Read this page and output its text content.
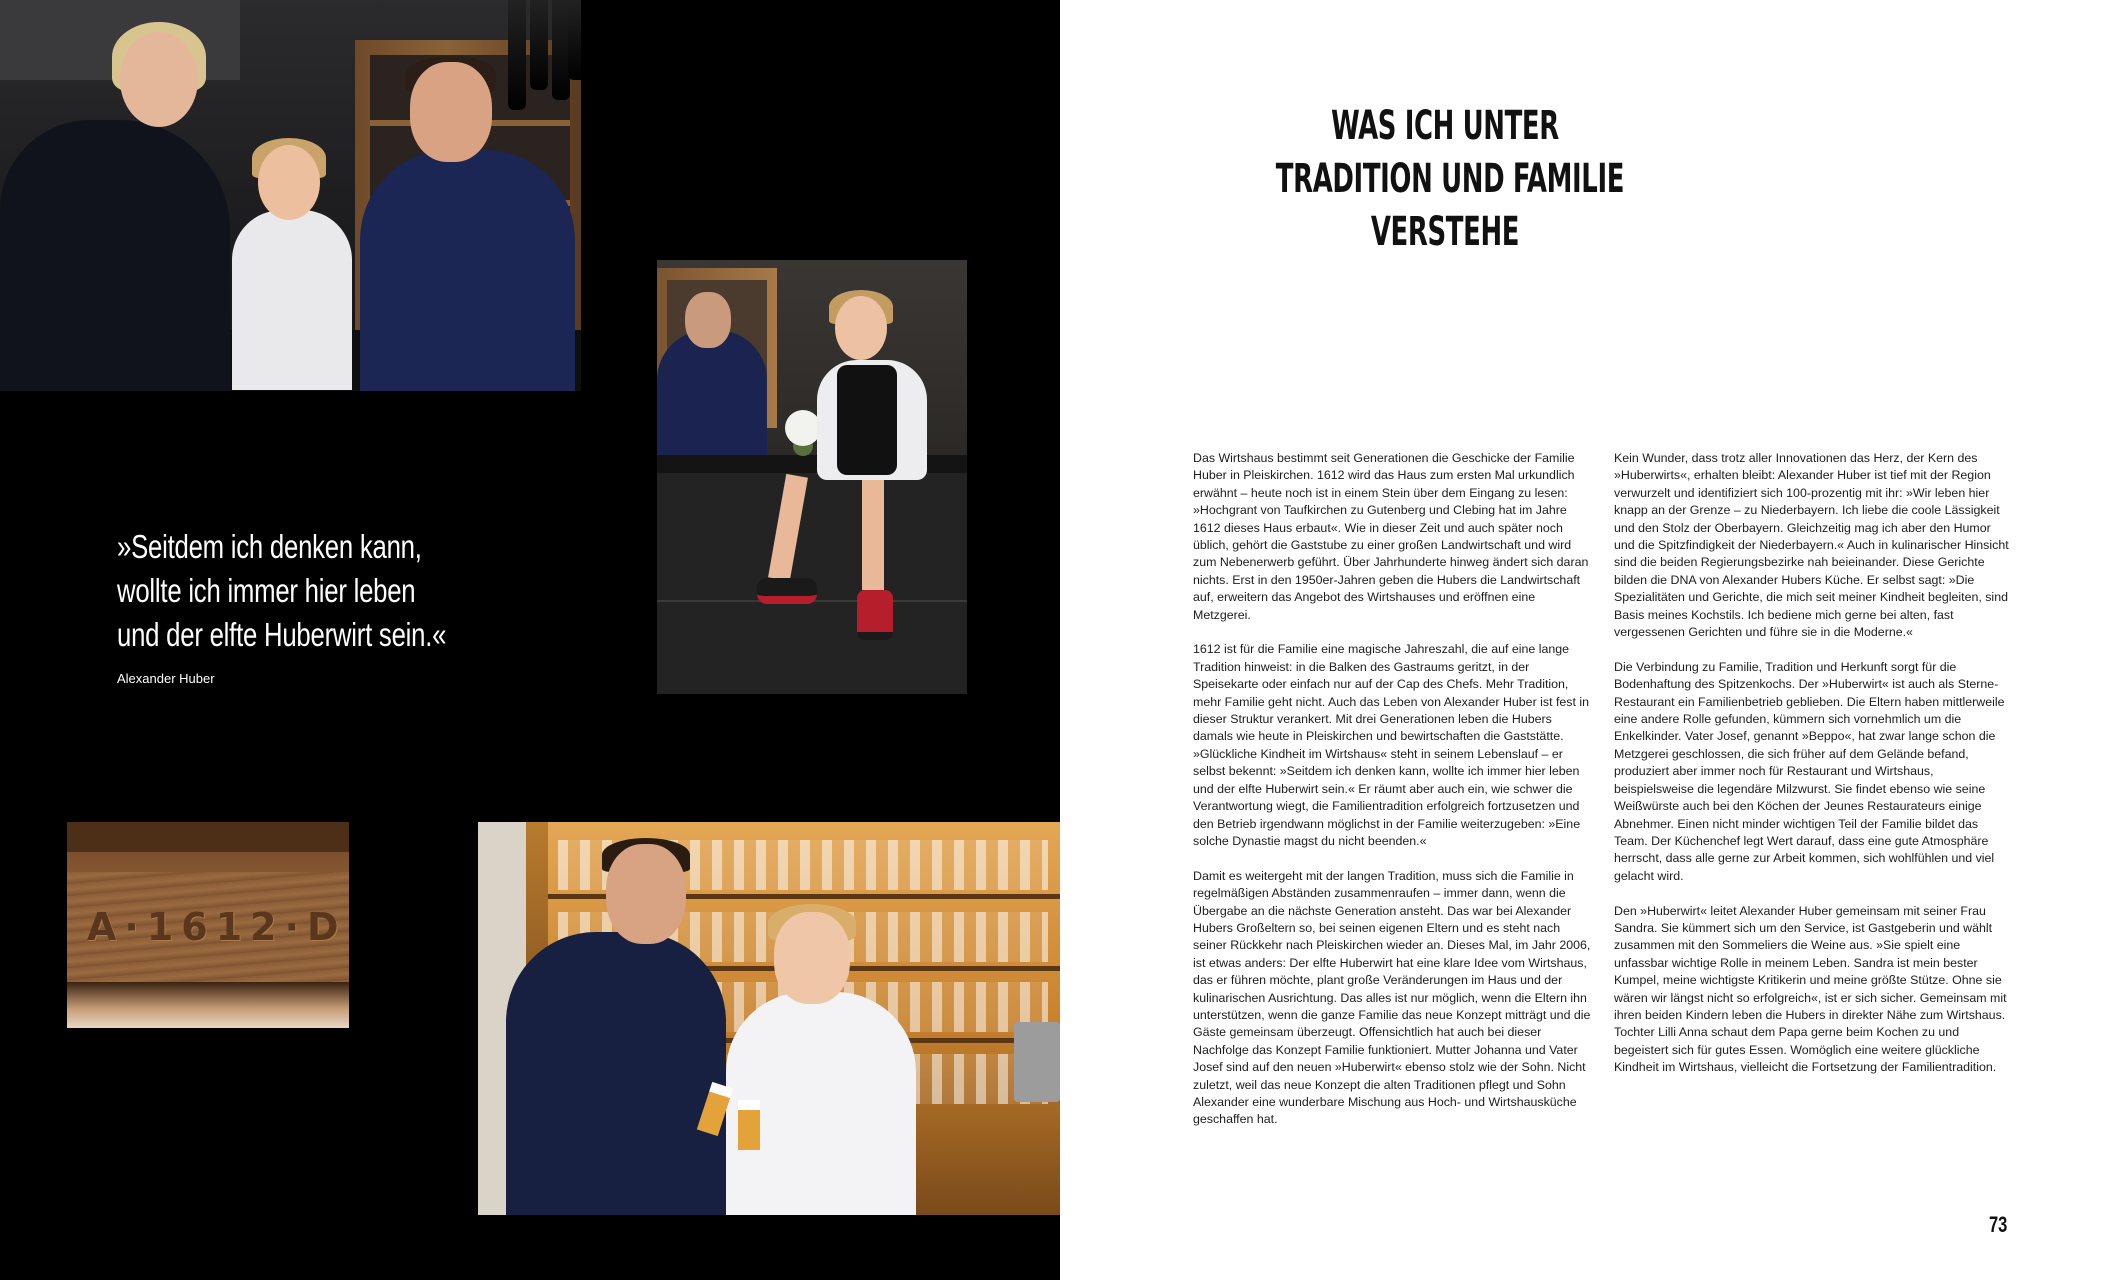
»Seitdem ich denken kann,
wollte ich immer hier leben
und der elfte Huberwirt sein.«
Alexander Huber
A·1612·D
WAS ICH UNTER
TRADITION UND FAMILIE
VERSTEHE

Das Wirtshaus bestimmt seit Generationen die Geschicke der Familie Huber in Pleiskirchen. 1612 wird das Haus zum ersten Mal urkundlich erwähnt – heute noch ist in einem Stein über dem Eingang zu lesen: »Hochgrant von Taufkirchen zu Gutenberg und Clebing hat im Jahre 1612 dieses Haus erbaut«. Wie in dieser Zeit und auch später noch üblich, gehört die Gaststube zu einer großen Landwirtschaft und wird zum Nebenerwerb geführt. Über Jahrhunderte hinweg ändert sich daran nichts. Erst in den 1950er-Jahren geben die Hubers die Landwirtschaft auf, erweitern das Angebot des Wirtshauses und eröffnen eine Metzgerei.

1612 ist für die Familie eine magische Jahreszahl, die auf eine lange Tradition hinweist: in die Balken des Gastraums geritzt, in der Speisekarte oder einfach nur auf der Cap des Chefs. Mehr Tradition, mehr Familie geht nicht. Auch das Leben von Alexander Huber ist fest in dieser Struktur verankert. Mit drei Generationen leben die Hubers damals wie heute in Pleiskirchen und bewirtschaften die Gaststätte. »Glückliche Kindheit im Wirtshaus« steht in seinem Lebenslauf – er selbst bekennt: »Seitdem ich denken kann, wollte ich immer hier leben und der elfte Huberwirt sein.« Er räumt aber auch ein, wie schwer die Verantwortung wiegt, die Familientradition erfolgreich fortzusetzen und den Betrieb irgendwann möglichst in der Familie weiterzugeben: »Eine solche Dynastie magst du nicht beenden.«

Damit es weitergeht mit der langen Tradition, muss sich die Familie in regelmäßigen Abständen zusammenraufen – immer dann, wenn die Übergabe an die nächste Generation ansteht. Das war bei Alexander Hubers Großeltern so, bei seinen eigenen Eltern und es steht nach seiner Rückkehr nach Pleiskirchen wieder an. Dieses Mal, im Jahr 2006, ist etwas anders: Der elfte Huberwirt hat eine klare Idee vom Wirtshaus, das er führen möchte, plant große Veränderungen im Haus und der kulinarischen Ausrichtung. Das alles ist nur möglich, wenn die Eltern ihn unterstützen, wenn die ganze Familie das neue Konzept mitträgt und die Gäste gemeinsam überzeugt. Offensichtlich hat auch bei dieser Nachfolge das Konzept Familie funktioniert. Mutter Johanna und Vater Josef sind auf den neuen »Huberwirt« ebenso stolz wie der Sohn. Nicht zuletzt, weil das neue Konzept die alten Traditionen pflegt und Sohn Alexander eine wunderbare Mischung aus Hoch- und Wirtshausküche geschaffen hat.

Kein Wunder, dass trotz aller Innovationen das Herz, der Kern des »Huberwirts«, erhalten bleibt: Alexander Huber ist tief mit der Region verwurzelt und identifiziert sich 100-prozentig mit ihr: »Wir leben hier knapp an der Grenze – zu Niederbayern. Ich liebe die coole Lässigkeit und den Stolz der Oberbayern. Gleichzeitig mag ich aber den Humor und die Spitzfindigkeit der Niederbayern.« Auch in kulinarischer Hinsicht sind die beiden Regierungsbezirke nah beieinander. Diese Gerichte bilden die DNA von Alexander Hubers Küche. Er selbst sagt: »Die Spezialitäten und Gerichte, die mich seit meiner Kindheit begleiten, sind Basis meines Kochstils. Ich bediene mich gerne bei alten, fast vergessenen Gerichten und führe sie in die Moderne.«

Die Verbindung zu Familie, Tradition und Herkunft sorgt für die Bodenhaftung des Spitzenkochs. Der »Huberwirt« ist auch als Sterne-Restaurant ein Familienbetrieb geblieben. Die Eltern haben mittlerweile eine andere Rolle gefunden, kümmern sich vornehmlich um die Enkelkinder. Vater Josef, genannt »Beppo«, hat zwar lange schon die Metzgerei geschlossen, die sich früher auf dem Gelände befand, produziert aber immer noch für Restaurant und Wirtshaus, beispielsweise die legendäre Milzwurst. Sie findet ebenso wie seine Weißwürste auch bei den Köchen der Jeunes Restaurateurs einige Abnehmer. Einen nicht minder wichtigen Teil der Familie bildet das Team. Der Küchenchef legt Wert darauf, dass eine gute Atmosphäre herrscht, dass alle gerne zur Arbeit kommen, sich wohlfühlen und viel gelacht wird.

Den »Huberwirt« leitet Alexander Huber gemeinsam mit seiner Frau Sandra. Sie kümmert sich um den Service, ist Gastgeberin und wählt zusammen mit den Sommeliers die Weine aus. »Sie spielt eine unfassbar wichtige Rolle in meinem Leben. Sandra ist mein bester Kumpel, meine wichtigste Kritikerin und meine größte Stütze. Ohne sie wären wir längst nicht so erfolgreich«, ist er sich sicher. Gemeinsam mit ihren beiden Kindern leben die Hubers in direkter Nähe zum Wirtshaus. Tochter Lilli Anna schaut dem Papa gerne beim Kochen zu und begeistert sich für gutes Essen. Womöglich eine weitere glückliche Kindheit im Wirtshaus, vielleicht die Fortsetzung der Familientradition.

73
